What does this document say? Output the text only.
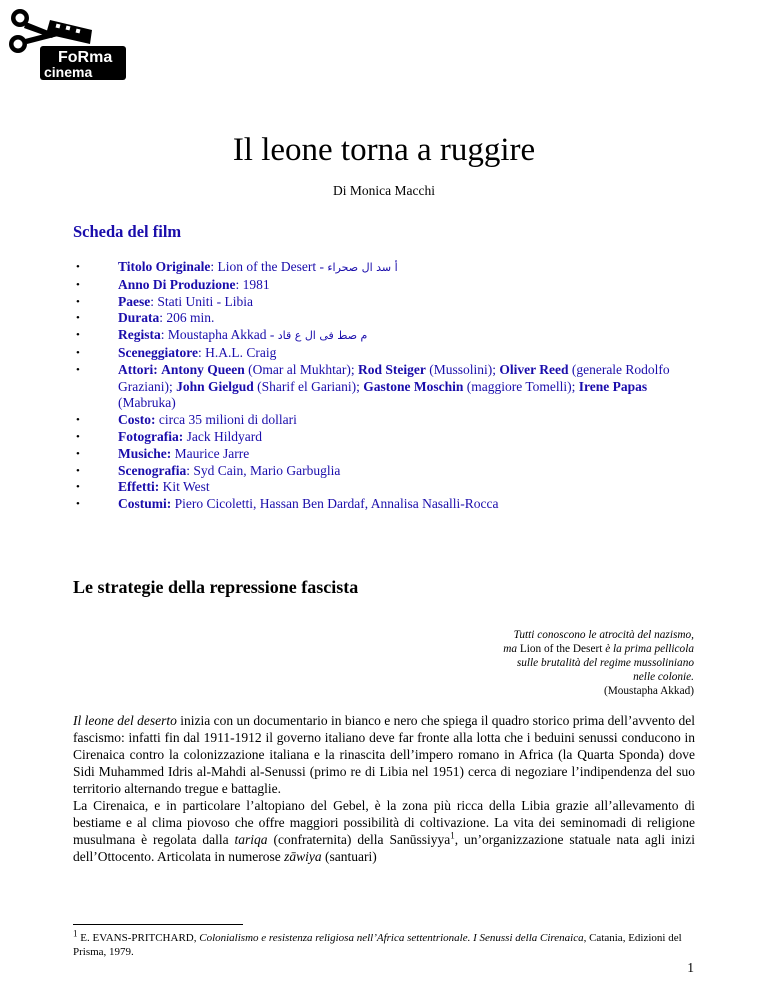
FoRma
cinema
Il leone torna a ruggire
Di Monica Macchi
Scheda del film
• Titolo Originale: Lion of the Desert - أ سد ال صحراء
• Anno Di Produzione: 1981
• Paese: Stati Uniti - Libia
• Durata: 206 min.
• Regista: Moustapha Akkad - م صط فى ال ع قاد
• Sceneggiatore: H.A.L. Craig
• Attori: Antony Queen (Omar al Mukhtar); Rod Steiger (Mussolini); Oliver Reed (generale Rodolfo Graziani); John Gielgud (Sharif el Gariani); Gastone Moschin (maggiore Tomelli); Irene Papas (Mabruka)
• Costo: circa 35 milioni di dollari
• Fotografia: Jack Hildyard
• Musiche: Maurice Jarre
• Scenografia: Syd Cain, Mario Garbuglia
• Effetti: Kit West
• Costumi: Piero Cicoletti, Hassan Ben Dardaf, Annalisa Nasalli-Rocca
Le strategie della repressione fascista
Tutti conoscono le atrocità del nazismo,
ma Lion of the Desert è la prima pellicola
sulle brutalità del regime mussoliniano
nelle colonie.
(Moustapha Akkad)

Il leone del deserto inizia con un documentario in bianco e nero che spiega il quadro storico prima dell’avvento del fascismo: infatti fin dal 1911-1912 il governo italiano deve far fronte alla lotta che i beduini senussi conducono in Cirenaica contro la colonizzazione italiana e la rinascita dell’impero romano in Africa (la Quarta Sponda) dove Sidi Muhammed Idris al-Mahdi al-Senussi (primo re di Libia nel 1951) cerca di negoziare l’indipendenza del suo territorio alternando tregue e battaglie.

La Cirenaica, e in particolare l’altopiano del Gebel, è la zona più ricca della Libia grazie all’allevamento di bestiame e al clima piovoso che offre maggiori possibilità di coltivazione. La vita dei seminomadi di religione musulmana è regolata dalla tariqa (confraternita) della Sanūssiyya$^1$, un’organizzazione statuale nata agli inizi dell’Ottocento. Articolata in numerose zāwiya (santuari)

$^1$ E. EVANS-PRITCHARD, Colonialismo e resistenza religiosa nell’Africa settentrionale. I Senussi della Cirenaica, Catania, Edizioni del Prisma, 1979.
1
